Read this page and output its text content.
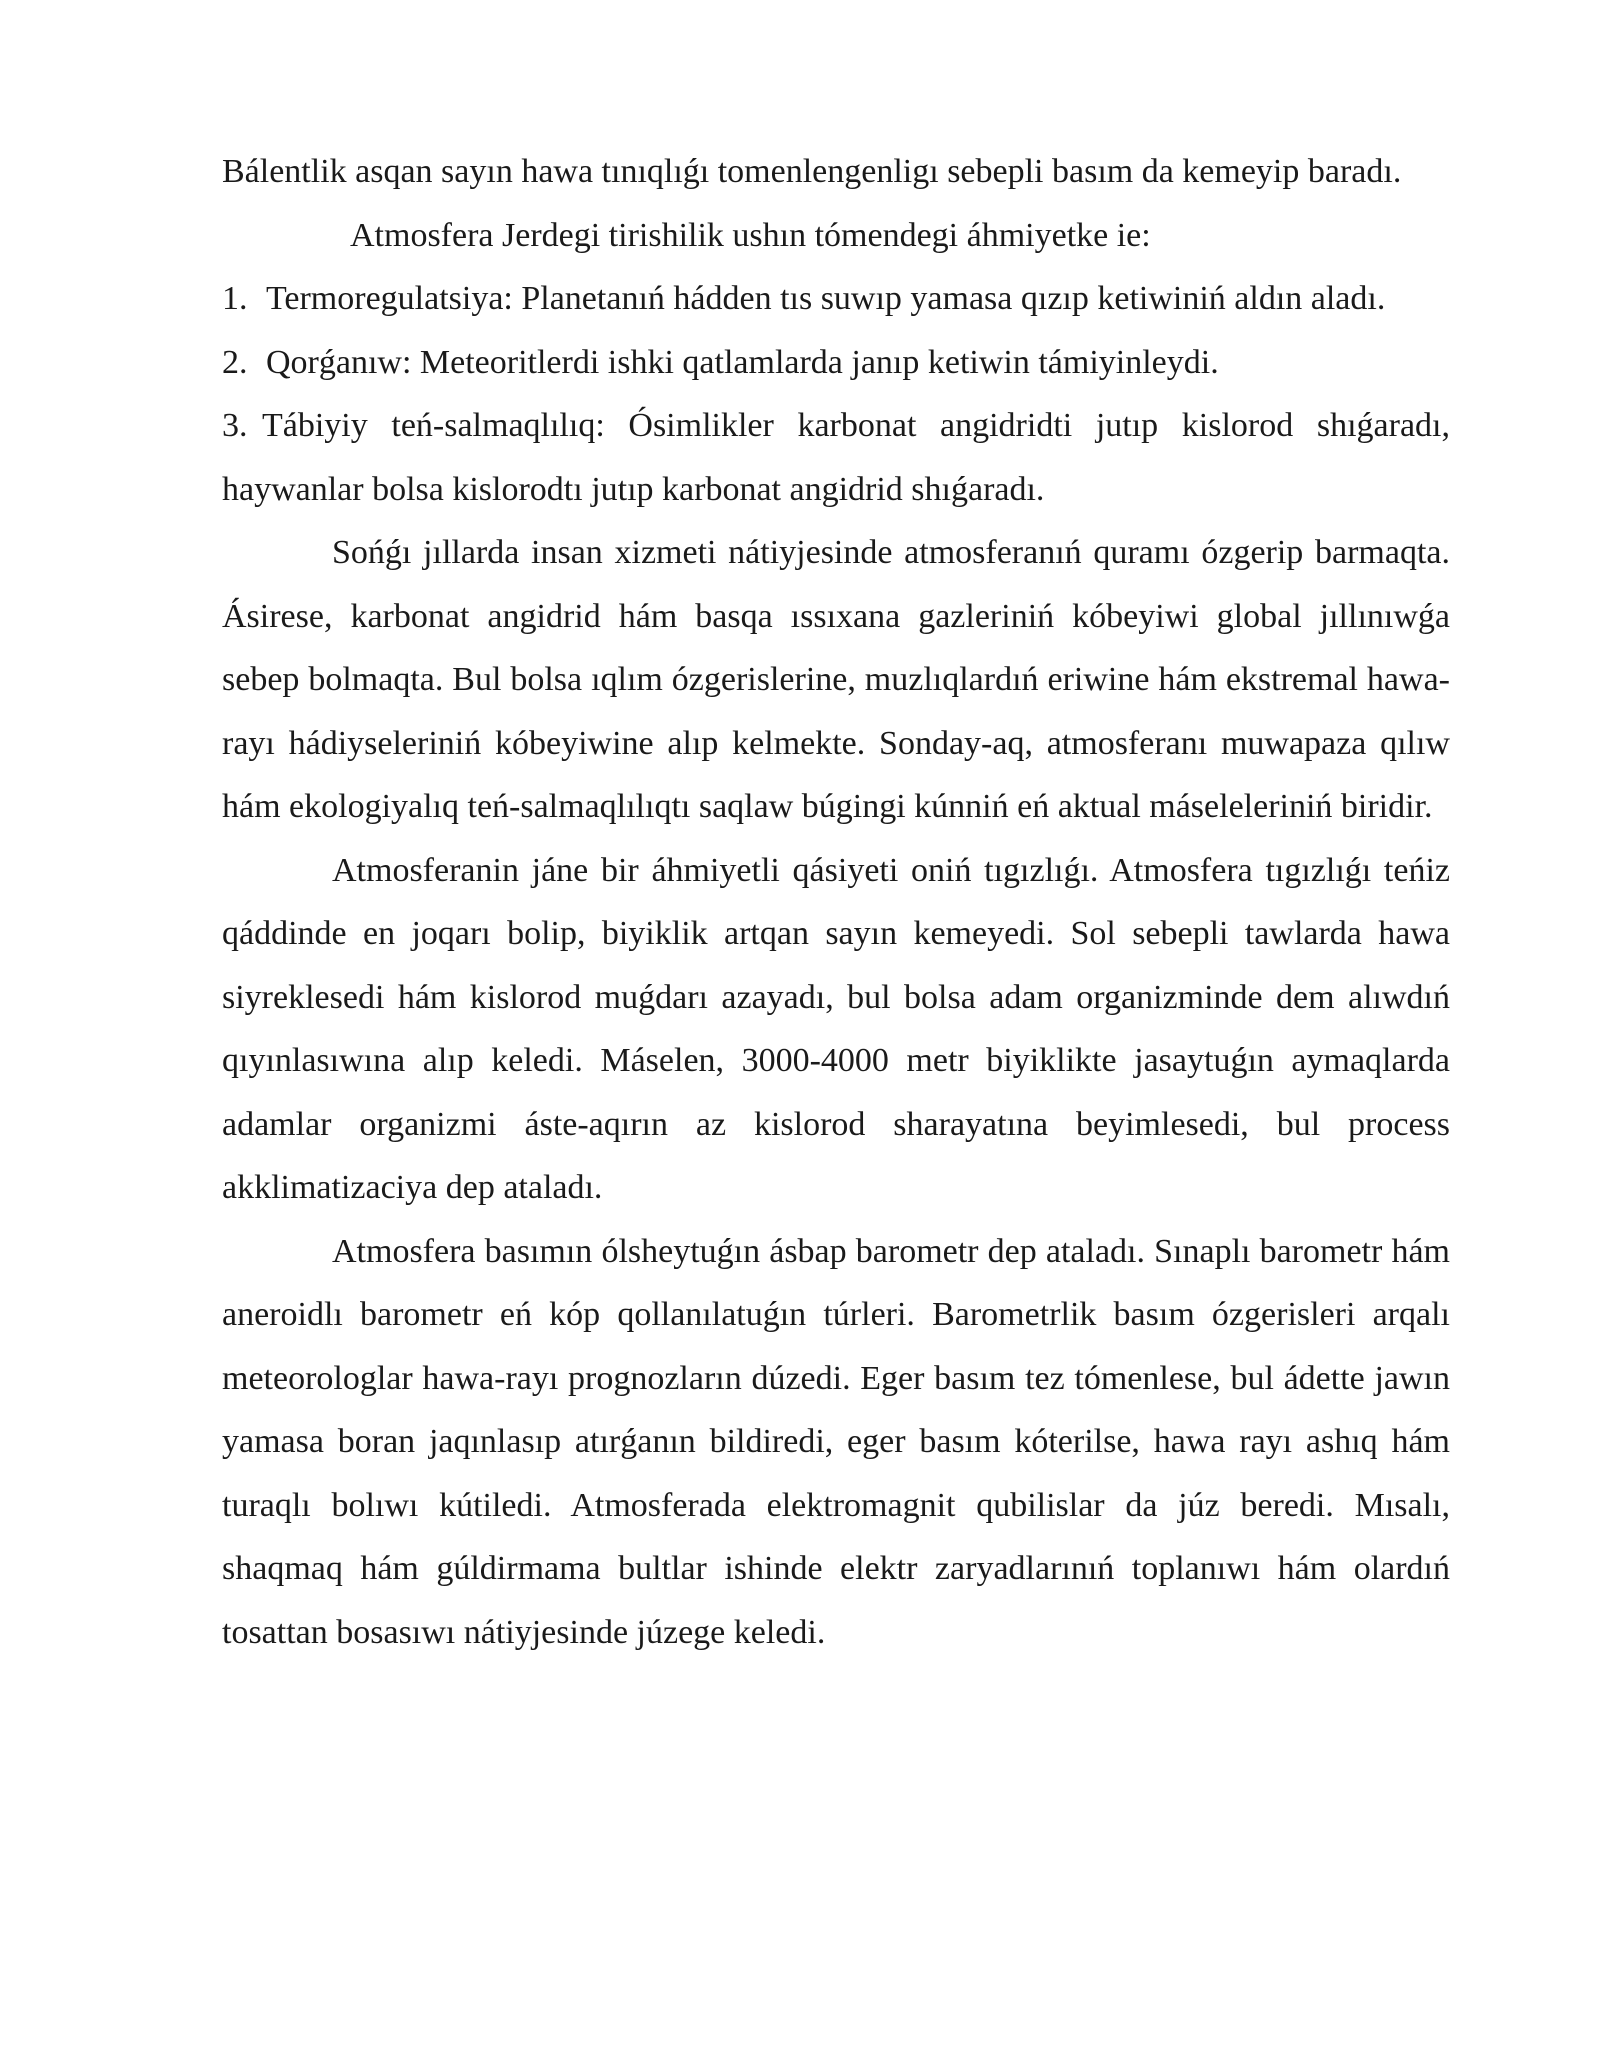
Bálentlik asqan sayın hawa tınıqlıǵı tomenlengenligı sebepli basım da kemeyip baradı.

Atmosfera Jerdegi tirishilik ushın tómendegi áhmiyetke ie:

1. Termoregulatsiya: Planetanıń hádden tıs suwıp yamasa qızıp ketiwiniń aldın aladı.

2. Qorǵanıw: Meteoritlerdi ishki qatlamlarda janıp ketiwin támiyinleydi.

3. Tábiyiy teń-salmaqlılıq: Ósimlikler karbonat angidridti jutıp kislorod shıǵaradı, haywanlar bolsa kislorodtı jutıp karbonat angidrid shıǵaradı.

Sońǵı jıllarda insan xizmeti nátiyjesinde atmosferanıń quramı ózgerip barmaqta. Ásirese, karbonat angidrid hám basqa ıssıxana gazleriniń kóbeyiwi global jıllınıwǵa sebep bolmaqta. Bul bolsa ıqlım ózgerislerine, muzlıqlardıń eriwine hám ekstremal hawa-rayı hádiyseleriniń kóbeyiwine alıp kelmekte. Sonday-aq, atmosferanı muwapaza qılıw hám ekologiyalıq teń-salmaqlılıqtı saqlaw búgingi kúnniń eń aktual máseleleriniń biridir.

Atmosferanin jáne bir áhmiyetli qásiyeti oniń tıgızlıǵı. Atmosfera tıgızlıǵı teńiz qáddinde en joqarı bolip, biyiklik artqan sayın kemeyedi. Sol sebepli tawlarda hawa siyreklesedi hám kislorod muǵdarı azayadı, bul bolsa adam organizminde dem alıwdıń qıyınlasıwına alıp keledi. Máselen, 3000-4000 metr biyiklikte jasaytuǵın aymaqlarda adamlar organizmi áste-aqırın az kislorod sharayatına beyimlesedi, bul process akklimatizaciya dep ataladı.

Atmosfera basımın ólsheytuǵın ásbap barometr dep ataladı. Sınaplı barometr hám aneroidlı barometr eń kóp qollanılatuǵın túrleri. Barometrlik basım ózgerisleri arqalı meteorologlar hawa-rayı prognozların dúzedi. Eger basım tez tómenlese, bul ádette jawın yamasa boran jaqınlasıp atırǵanın bildiredi, eger basım kóterilse, hawa rayı ashıq hám turaqlı bolıwı kútiledi. Atmosferada elektromagnit qubilislar da júz beredi. Mısalı, shaqmaq hám gúldirmama bultlar ishinde elektr zaryadlarınıń toplanıwı hám olardıń tosattan bosasıwı nátiyjesinde júzege keledi.
